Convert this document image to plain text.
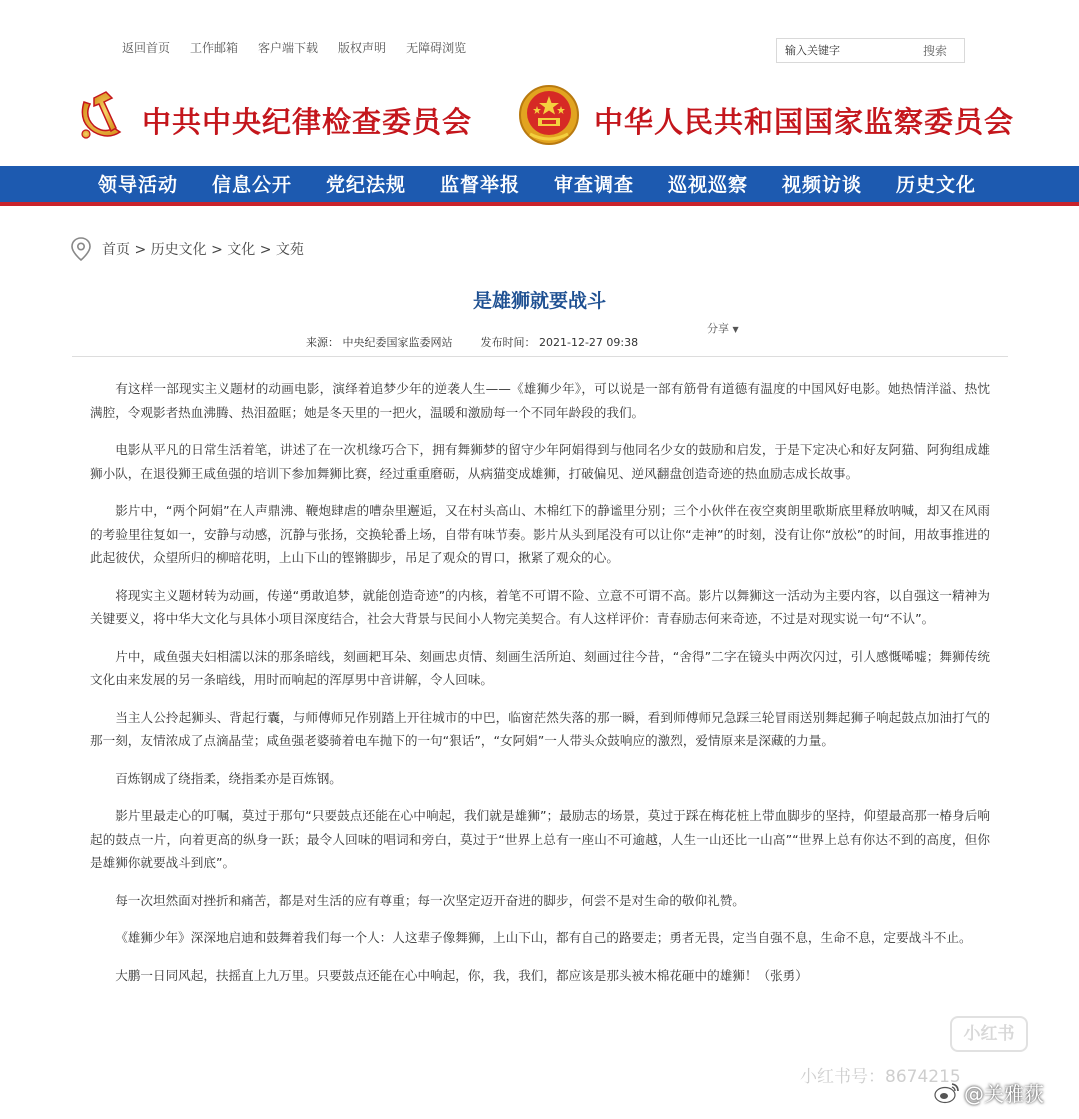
返回首页 工作邮箱 客户端下载 版权声明 无障碍浏览
输入关键字	搜索
中共中央纪律检查委员会	中华人民共和国国家监察委员会
领导活动	信息公开	党纪法规	监督举报	审查调查	巡视巡察	视频访谈	历史文化
首页 > 历史文化 > 文化 > 文苑
是雄狮就要战斗
分享 ▼
来源： 中央纪委国家监委网站	发布时间： 2021-12-27 09:38

有这样一部现实主义题材的动画电影，演绎着追梦少年的逆袭人生——《雄狮少年》，可以说是一部有筋骨有道德有温度的中国风好电影。她热情洋溢、热忱满腔，令观影者热血沸腾、热泪盈眶；她是冬天里的一把火，温暖和激励每一个不同年龄段的我们。

电影从平凡的日常生活着笔，讲述了在一次机缘巧合下，拥有舞狮梦的留守少年阿娟得到与他同名少女的鼓励和启发，于是下定决心和好友阿猫、阿狗组成雄狮小队，在退役狮王咸鱼强的培训下参加舞狮比赛，经过重重磨砺，从病猫变成雄狮，打破偏见、逆风翻盘创造奇迹的热血励志成长故事。

影片中，“两个阿娟”在人声鼎沸、鞭炮肆虐的嘈杂里邂逅，又在村头高山、木棉红下的静谧里分别；三个小伙伴在夜空爽朗里歌斯底里释放呐喊，却又在风雨的考验里往复如一，安静与动感，沉静与张扬，交换轮番上场，自带有味节奏。影片从头到尾没有可以让你“走神”的时刻，没有让你“放松”的时间，用故事推进的此起彼伏，众望所归的柳暗花明，上山下山的铿锵脚步，吊足了观众的胃口，揪紧了观众的心。

将现实主义题材转为动画，传递“勇敢追梦，就能创造奇迹”的内核，着笔不可谓不险、立意不可谓不高。影片以舞狮这一活动为主要内容，以自强这一精神为关键要义，将中华大文化与具体小项目深度结合，社会大背景与民间小人物完美契合。有人这样评价：青春励志何来奇迹，不过是对现实说一句“不认”。

片中，咸鱼强夫妇相濡以沫的那条暗线，刻画耙耳朵、刻画忠贞情、刻画生活所迫、刻画过往今昔，“舍得”二字在镜头中两次闪过，引人感慨唏嘘；舞狮传统文化由来发展的另一条暗线，用时而响起的浑厚男中音讲解，令人回味。

当主人公拎起狮头、背起行囊，与师傅师兄作别踏上开往城市的中巴，临窗茫然失落的那一瞬，看到师傅师兄急踩三轮冒雨送别舞起狮子响起鼓点加油打气的那一刻，友情浓成了点滴晶莹；咸鱼强老婆骑着电车抛下的一句“狠话”，“女阿娟”一人带头众鼓响应的激烈，爱情原来是深藏的力量。

百炼钢成了绕指柔，绕指柔亦是百炼钢。

影片里最走心的叮嘱，莫过于那句“只要鼓点还能在心中响起，我们就是雄狮”；最励志的场景，莫过于踩在梅花桩上带血脚步的坚持，仰望最高那一椿身后响起的鼓点一片，向着更高的纵身一跃；最令人回味的唱词和旁白，莫过于“世界上总有一座山不可逾越，人生一山还比一山高”“世界上总有你达不到的高度，但你是雄狮你就要战斗到底”。

每一次坦然面对挫折和痛苦，都是对生活的应有尊重；每一次坚定迈开奋进的脚步，何尝不是对生命的敬仰礼赞。

《雄狮少年》深深地启迪和鼓舞着我们每一个人：人这辈子像舞狮，上山下山，都有自己的路要走；勇者无畏，定当自强不息，生命不息，定要战斗不止。

大鹏一日同风起，扶摇直上九万里。只要鼓点还能在心中响起，你，我，我们，都应该是那头被木棉花砸中的雄狮！（张勇）

小红书
小红书号：8674215
@关雅荻
